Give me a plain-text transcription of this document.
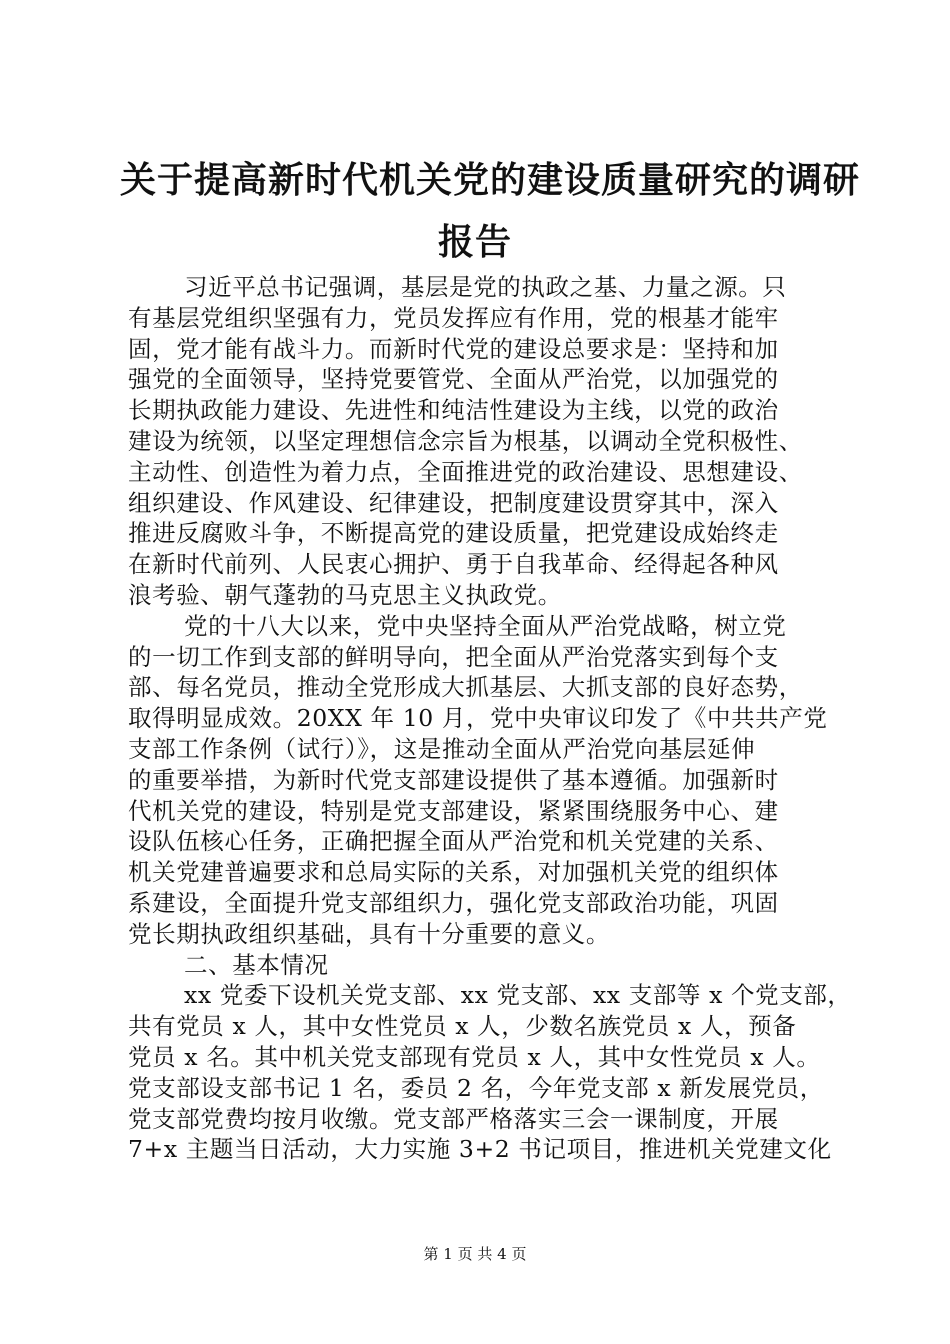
关于提高新时代机关党的建设质量研究的调研
报告
习近平总书记强调，基层是党的执政之基、力量之源。只
有基层党组织坚强有力，党员发挥应有作用，党的根基才能牢
固，党才能有战斗力。而新时代党的建设总要求是：坚持和加
强党的全面领导，坚持党要管党、全面从严治党，以加强党的
长期执政能力建设、先进性和纯洁性建设为主线，以党的政治
建设为统领，以坚定理想信念宗旨为根基，以调动全党积极性、
主动性、创造性为着力点，全面推进党的政治建设、思想建设、
组织建设、作风建设、纪律建设，把制度建设贯穿其中，深入
推进反腐败斗争，不断提高党的建设质量，把党建设成始终走
在新时代前列、人民衷心拥护、勇于自我革命、经得起各种风
浪考验、朝气蓬勃的马克思主义执政党。
党的十八大以来，党中央坚持全面从严治党战略，树立党
的一切工作到支部的鲜明导向，把全面从严治党落实到每个支
部、每名党员，推动全党形成大抓基层、大抓支部的良好态势，
取得明显成效。20XX 年 10 月，党中央审议印发了《中共共产党
支部工作条例（试行）》，这是推动全面从严治党向基层延伸
的重要举措，为新时代党支部建设提供了基本遵循。加强新时
代机关党的建设，特别是党支部建设，紧紧围绕服务中心、建
设队伍核心任务，正确把握全面从严治党和机关党建的关系、
机关党建普遍要求和总局实际的关系，对加强机关党的组织体
系建设，全面提升党支部组织力，强化党支部政治功能，巩固
党长期执政组织基础，具有十分重要的意义。
二、基本情况
xx 党委下设机关党支部、xx 党支部、xx 支部等 x 个党支部，
共有党员 x 人，其中女性党员 x 人，少数名族党员 x 人，预备
党员 x 名。其中机关党支部现有党员 x 人，其中女性党员 x 人。
党支部设支部书记 1 名，委员 2 名，今年党支部 x 新发展党员，
党支部党费均按月收缴。党支部严格落实三会一课制度，开展
7+x 主题当日活动，大力实施 3+2 书记项目，推进机关党建文化
第 1 页 共 4 页
